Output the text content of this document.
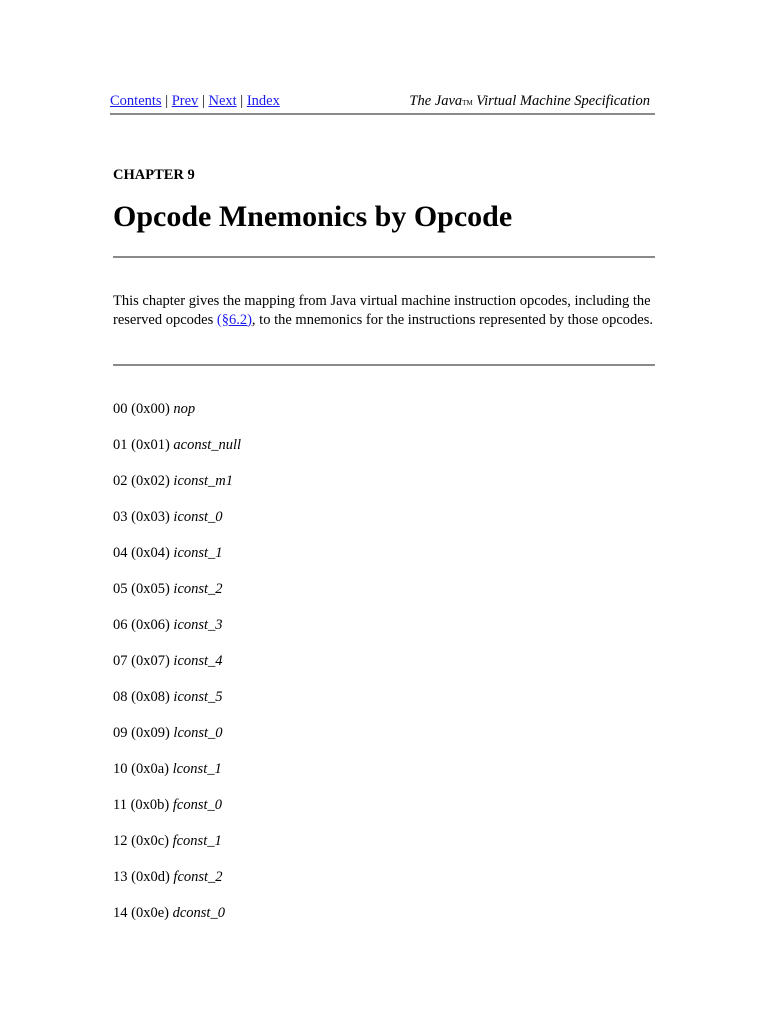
Contents | Prev | Next | Index	The JavaTM Virtual Machine Specification
CHAPTER 9
Opcode Mnemonics by Opcode
This chapter gives the mapping from Java virtual machine instruction opcodes, including the reserved opcodes (§6.2), to the mnemonics for the instructions represented by those opcodes.
00 (0x00) nop
01 (0x01) aconst_null
02 (0x02) iconst_m1
03 (0x03) iconst_0
04 (0x04) iconst_1
05 (0x05) iconst_2
06 (0x06) iconst_3
07 (0x07) iconst_4
08 (0x08) iconst_5
09 (0x09) lconst_0
10 (0x0a) lconst_1
11 (0x0b) fconst_0
12 (0x0c) fconst_1
13 (0x0d) fconst_2
14 (0x0e) dconst_0
